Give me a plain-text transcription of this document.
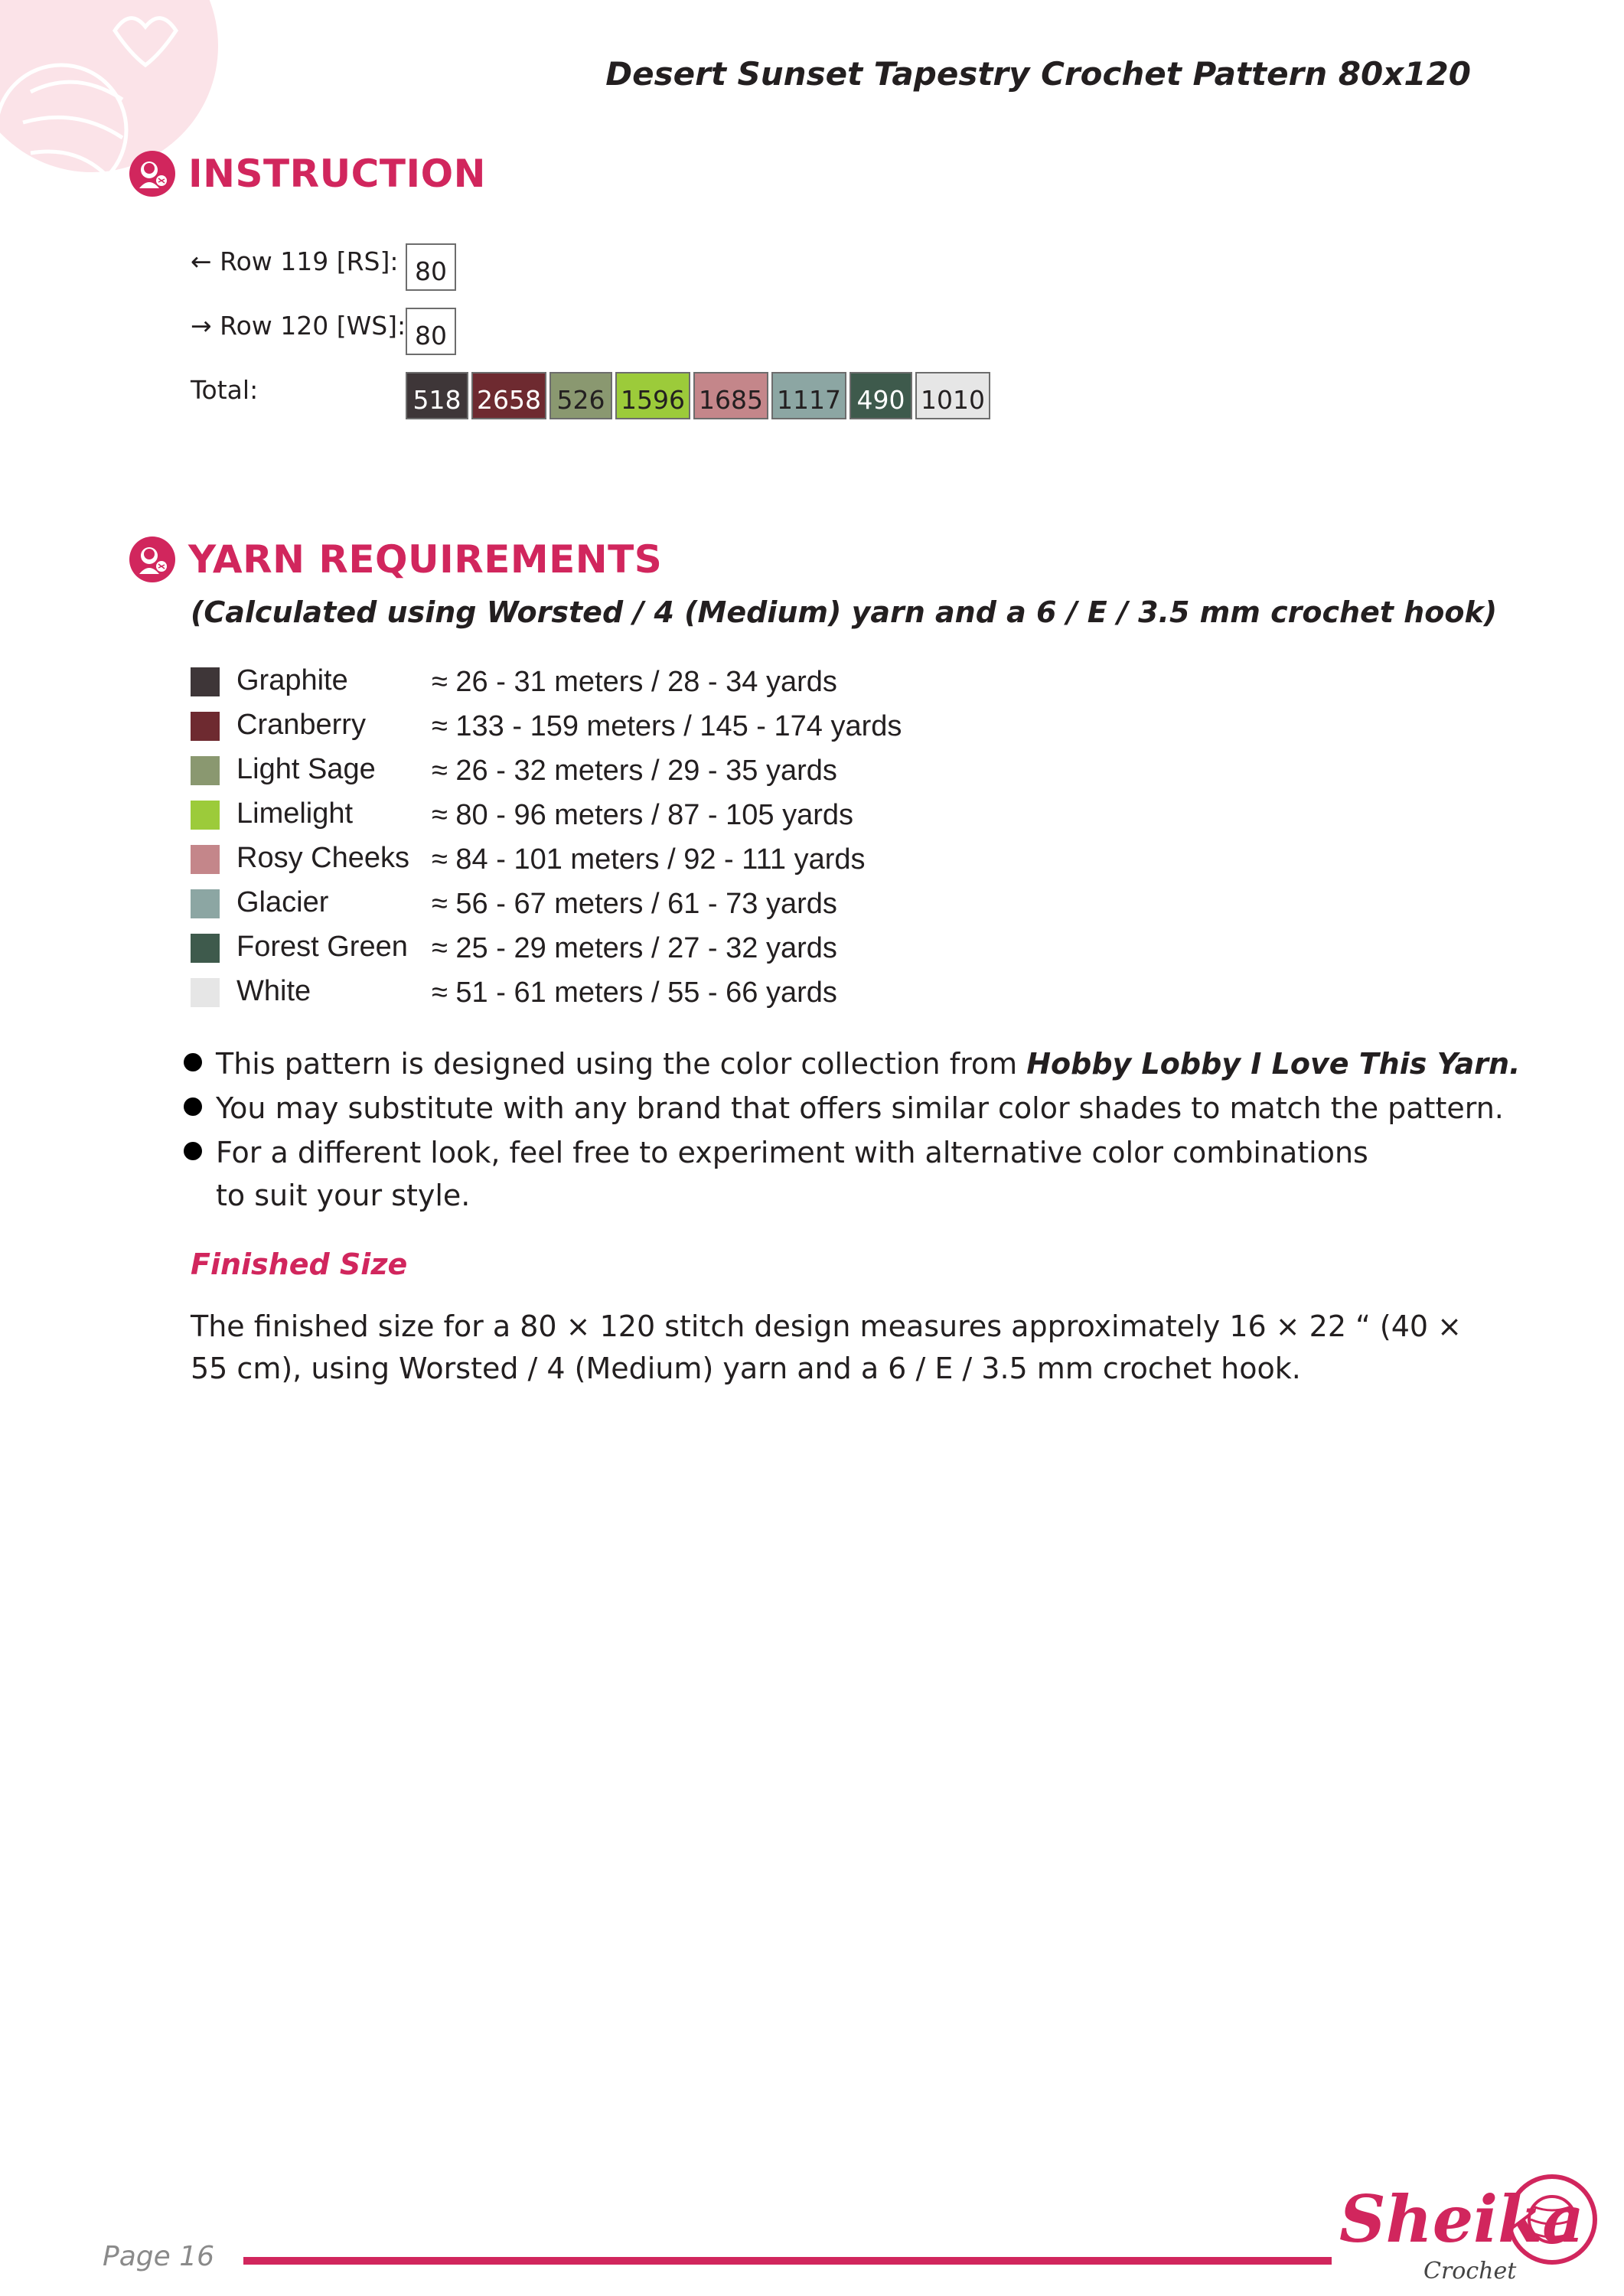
Desert Sunset Tapestry Crochet Pattern 80x120
INSTRUCTION
← Row 119 [RS]: 80
→ Row 120 [WS]: 80
Total:	518 2658 526 1596 1685 1117 490 1010
YARN REQUIREMENTS
(Calculated using Worsted / 4 (Medium) yarn and a 6 / E / 3.5 mm crochet hook)
Graphite	≈ 26 - 31 meters / 28 - 34 yards
Cranberry ≈ 133 - 159 meters / 145 - 174 yards
Light Sage ≈ 26 - 32 meters / 29 - 35 yards
Limelight	≈ 80 - 96 meters / 87 - 105 yards
Rosy Cheeks ≈ 84 - 101 meters / 92 - 111 yards
Glacier	≈ 56 - 67 meters / 61 - 73 yards
Forest Green ≈ 25 - 29 meters / 27 - 32 yards
White	≈ 51 - 61 meters / 55 - 66 yards
This pattern is designed using the color collection from Hobby Lobby I Love This Yarn.
You may substitute with any brand that offers similar color shades to match the pattern.
For a different look, feel free to experiment with alternative color combinations
to suit your style.
Finished Size
The finished size for a 80 × 120 stitch design measures approximately 16 × 22 “ (40 × 55 cm), using Worsted / 4 (Medium) yarn and a 6 / E / 3.5 mm crochet hook.
Page 16	Sheika
Crochet
